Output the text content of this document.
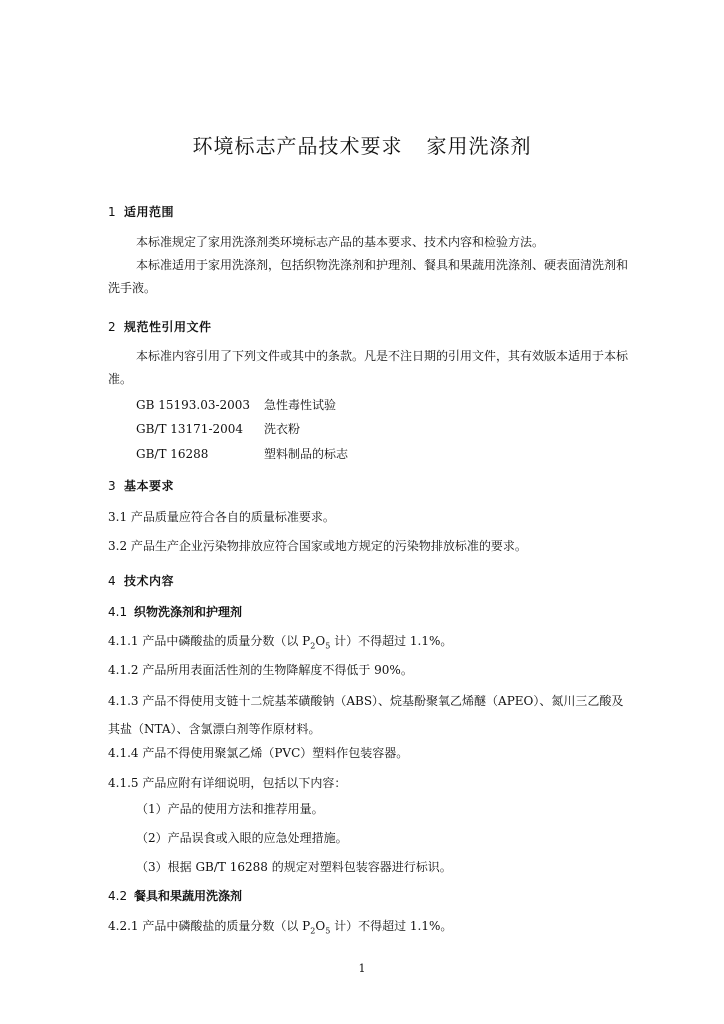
环境标志产品技术要求 家用洗涤剂
1 适用范围
本标准规定了家用洗涤剂类环境标志产品的基本要求、技术内容和检验方法。
本标准适用于家用洗涤剂，包括织物洗涤剂和护理剂、餐具和果蔬用洗涤剂、硬表面清洗剂和洗手液。
2 规范性引用文件
本标准内容引用了下列文件或其中的条款。凡是不注日期的引用文件，其有效版本适用于本标准。
GB 15193.03-2003 急性毒性试验
GB/T 13171-2004 洗衣粉
GB/T 16288	塑料制品的标志
3 基本要求
3.1 产品质量应符合各自的质量标准要求。
3.2 产品生产企业污染物排放应符合国家或地方规定的污染物排放标准的要求。
4 技术内容
4.1 织物洗涤剂和护理剂
4.1.1 产品中磷酸盐的质量分数（以 $P_2O_5$ 计）不得超过 1.1%。
4.1.2 产品所用表面活性剂的生物降解度不得低于 90%。
4.1.3 产品不得使用支链十二烷基苯磺酸钠（ABS）、烷基酚聚氧乙烯醚（APEO）、氮川三乙酸及其盐（NTA）、含氯漂白剂等作原材料。
4.1.4 产品不得使用聚氯乙烯（PVC）塑料作包装容器。
4.1.5 产品应附有详细说明，包括以下内容：
（1）产品的使用方法和推荐用量。
（2）产品误食或入眼的应急处理措施。
（3）根据 GB/T 16288 的规定对塑料包装容器进行标识。
4.2 餐具和果蔬用洗涤剂
4.2.1 产品中磷酸盐的质量分数（以 $P_2O_5$ 计）不得超过 1.1%。
1
